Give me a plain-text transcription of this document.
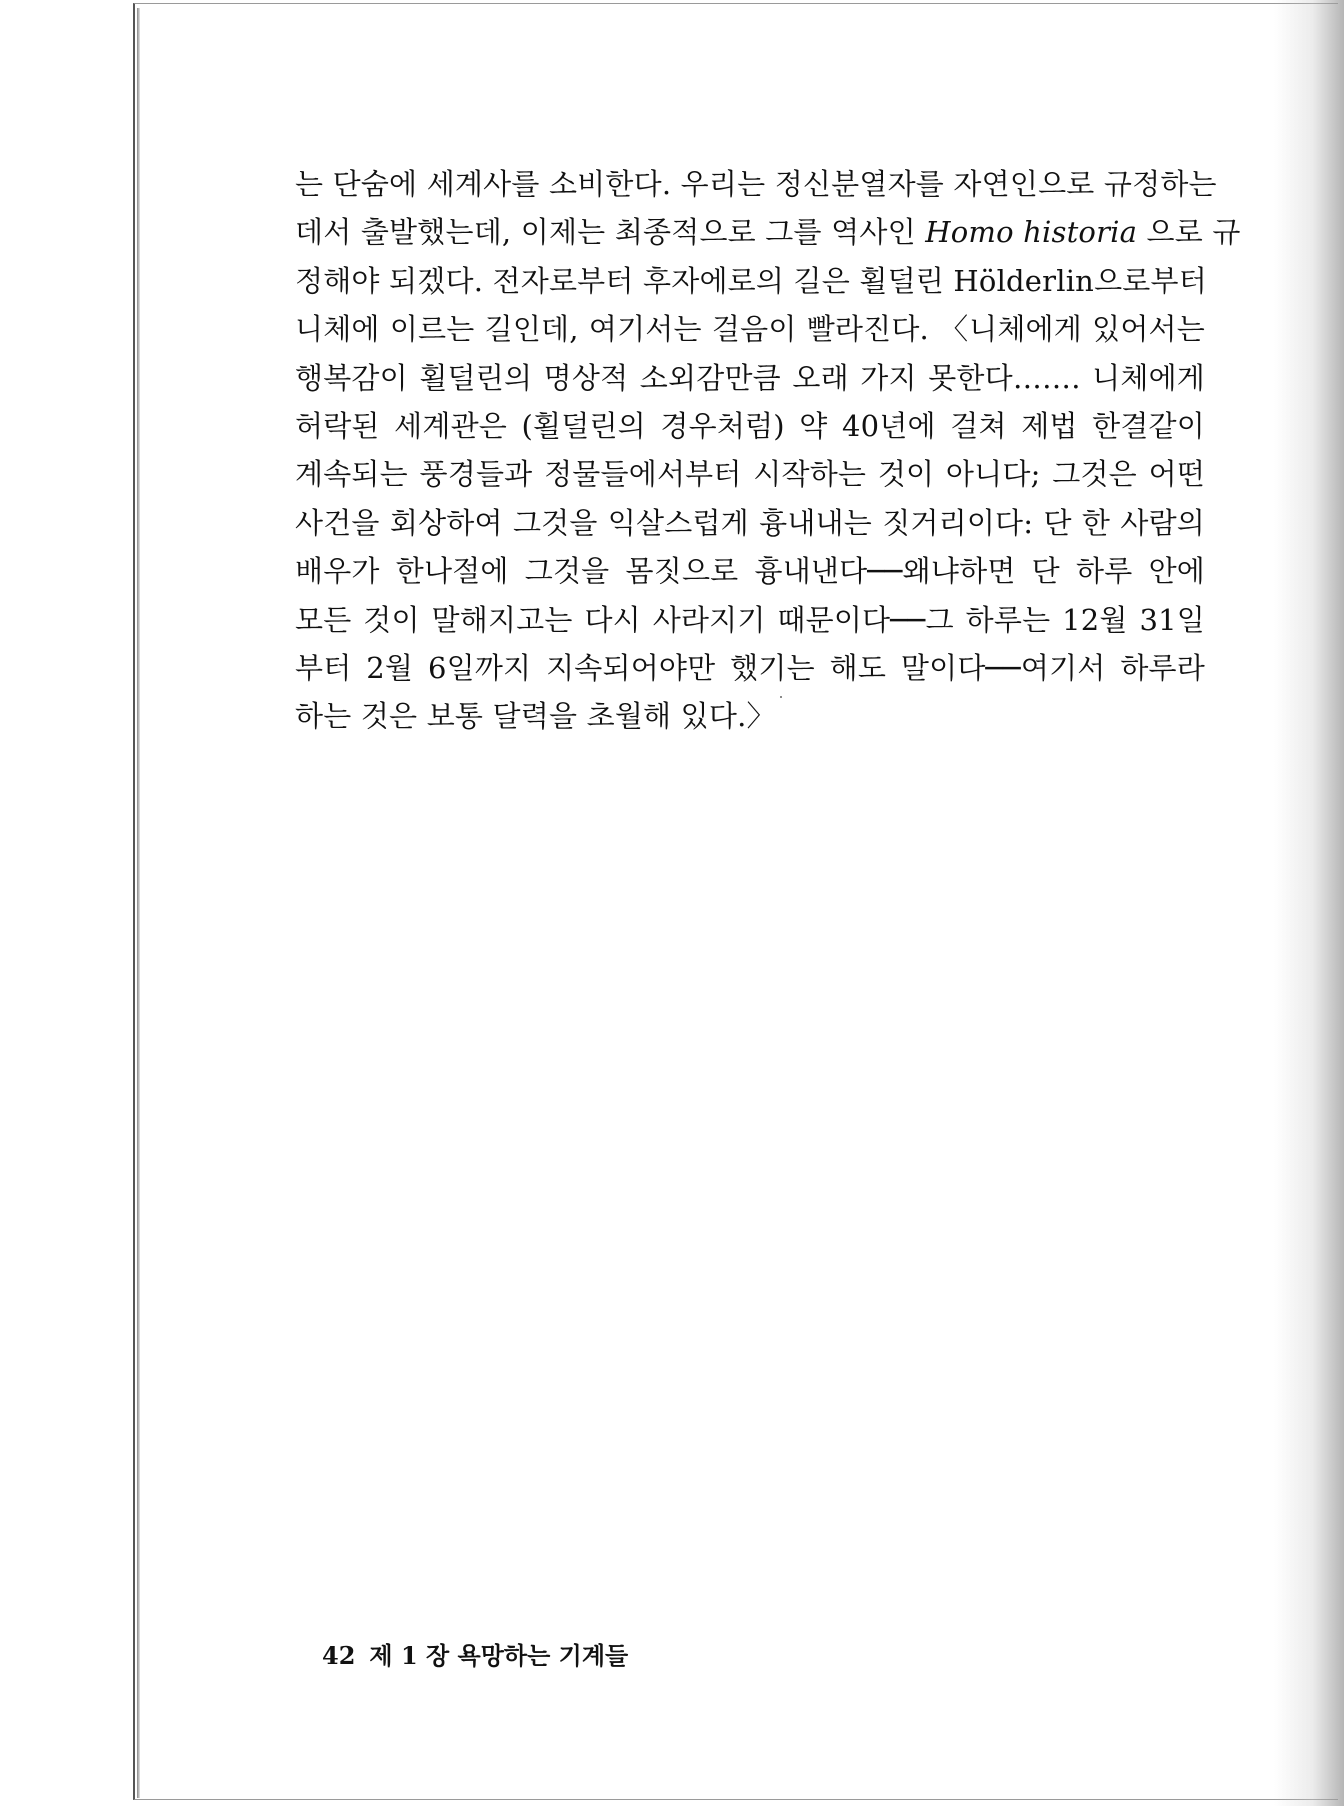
는 단숨에 세계사를 소비한다. 우리는 정신분열자를 자연인으로 규정하는
데서 출발했는데, 이제는 최종적으로 그를 역사인 Homo historia 으로 규
정해야 되겠다. 전자로부터 후자에로의 길은 횔덜린 Hölderlin으로부터
니체에 이르는 길인데, 여기서는 걸음이 빨라진다. 〈니체에게 있어서는
행복감이 횔덜린의 명상적 소외감만큼 오래 가지 못한다……. 니체에게
허락된 세계관은 (횔덜린의 경우처럼) 약 40년에 걸쳐 제법 한결같이
계속되는 풍경들과 정물들에서부터 시작하는 것이 아니다; 그것은 어떤
사건을 회상하여 그것을 익살스럽게 흉내내는 짓거리이다: 단 한 사람의
배우가 한나절에 그것을 몸짓으로 흉내낸다──왜냐하면 단 하루 안에
모든 것이 말해지고는 다시 사라지기 때문이다──그 하루는 12월 31일
부터 2월 6일까지 지속되어야만 했기는 해도 말이다──여기서 하루라
하는 것은 보통 달력을 초월해 있다.〉
42 제 1 장 욕망하는 기계들
